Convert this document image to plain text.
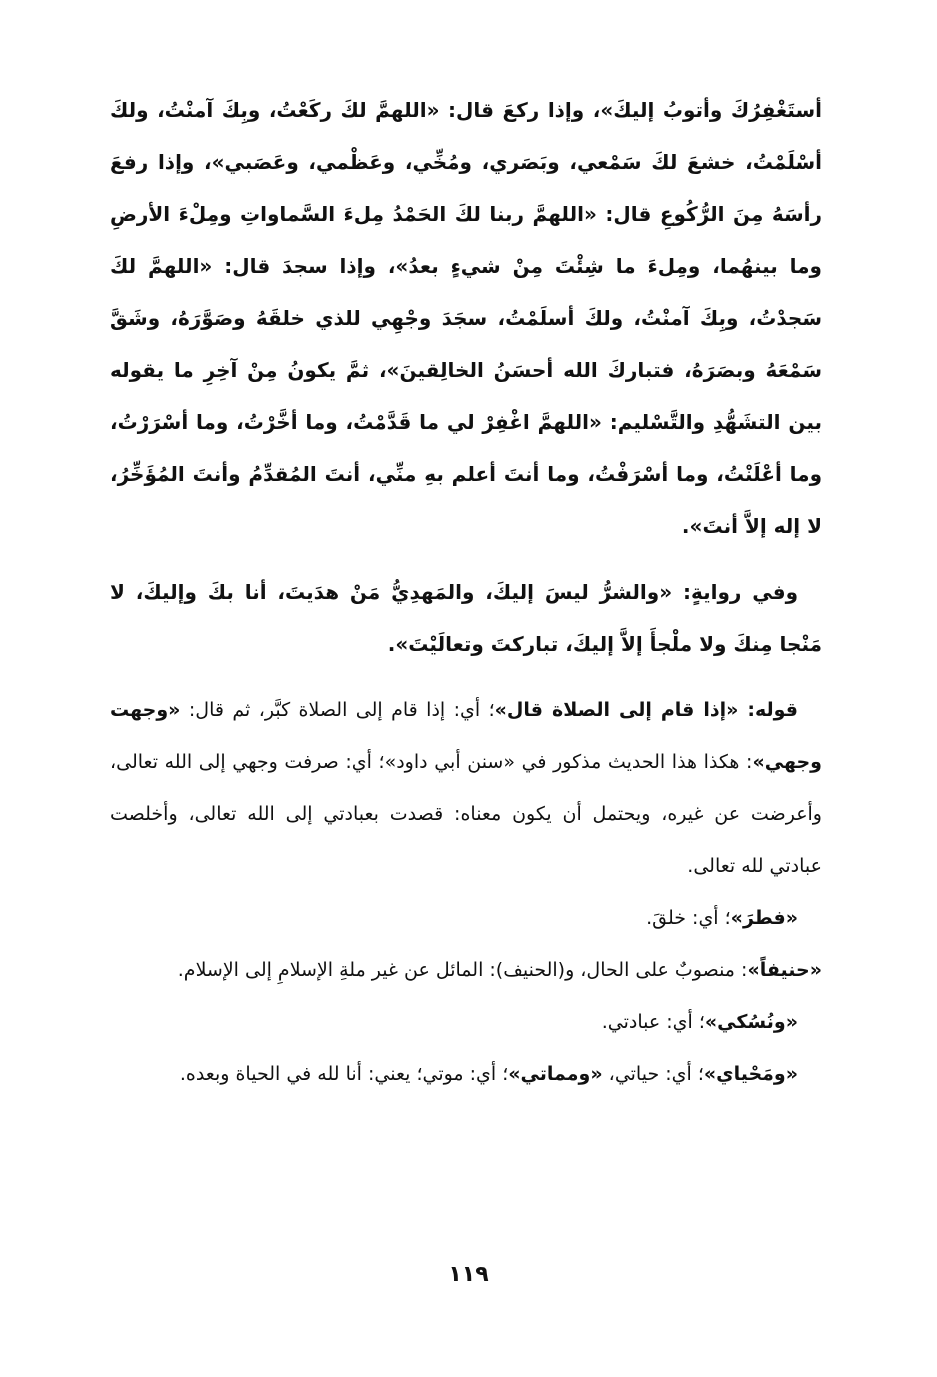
أستَغْفِرُكَ وأتوبُ إليكَ»، وإذا ركعَ قال: «اللهمَّ لكَ ركَعْتُ، وبِكَ آمنْتُ، ولكَ أسْلَمْتُ، خشعَ لكَ سَمْعي، وبَصَري، ومُخِّي، وعَظْمي، وعَصَبي»، وإذا رفعَ رأسَهُ مِنَ الرُّكُوعِ قال: «اللهمَّ ربنا لكَ الحَمْدُ مِلءَ السَّماواتِ ومِلْءَ الأرضِ وما بينهُما، ومِلءَ ما شِئْتَ مِنْ شيءٍ بعدُ»، وإذا سجدَ قال: «اللهمَّ لكَ سَجدْتُ، وبِكَ آمنْتُ، ولكَ أسلَمْتُ، سجَدَ وجْهِي للذي خلقَهُ وصَوَّرَهُ، وشَقَّ سَمْعَهُ وبصَرَهُ، فتباركَ الله أحسَنُ الخالِقينَ»، ثمَّ يكونُ مِنْ آخِرِ ما يقوله بين التشَهُّدِ والتَّسْليم: «اللهمَّ اغْفِرْ لي ما قَدَّمْتُ، وما أخَّرْتُ، وما أسْرَرْتُ، وما أعْلَنْتُ، وما أسْرَفْتُ، وما أنتَ أعلم بهِ منِّي، أنتَ المُقدِّمُ وأنتَ المُؤَخِّرُ، لا إله إلاَّ أنتَ».

وفي روايةٍ: «والشرُّ ليسَ إليكَ، والمَهدِيُّ مَنْ هدَيتَ، أنا بكَ وإليكَ، لا مَنْجا مِنكَ ولا ملْجأَ إلاَّ إليكَ، تباركتَ وتعالَيْتَ».

قوله: «إذا قام إلى الصلاة قال»؛ أي: إذا قام إلى الصلاة كبَّر، ثم قال: «وجهت وجهي»: هكذا هذا الحديث مذكور في «سنن أبي داود»؛ أي: صرفت وجهي إلى الله تعالى، وأعرضت عن غيره، ويحتمل أن يكون معناه: قصدت بعبادتي إلى الله تعالى، وأخلصت عبادتي لله تعالى.

«فطرَ»؛ أي: خلقَ.

«حنيفاً»: منصوبٌ على الحال، و(الحنيف): المائل عن غير ملةِ الإسلامِ إلى الإسلام.

«ونُسُكي»؛ أي: عبادتي.

«ومَحْياي»؛ أي: حياتي، «ومماتي»؛ أي: موتي؛ يعني: أنا لله في الحياة وبعده.

١١٩
